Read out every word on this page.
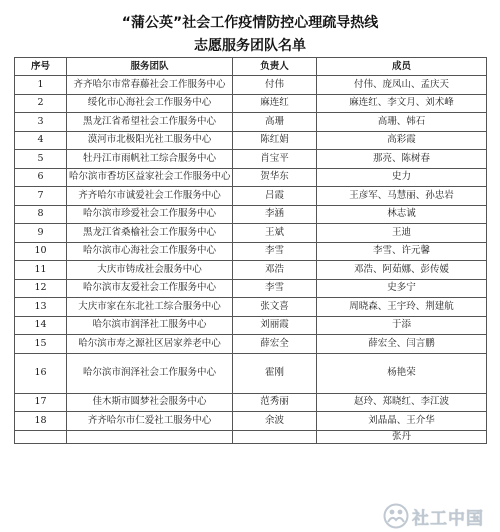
“蒲公英”社会工作疫情防控心理疏导热线
志愿服务团队名单
序号	服务团队	负责人	成员
1	齐齐哈尔市常春藤社会工作服务中心	付伟	付伟、庞凤山、孟庆天
2	绥化市心海社会工作服务中心	麻连红	麻连红、李文月、刘术峰
3	黑龙江省希望社会工作服务中心	高珊	高珊、韩石
4	漠河市北极阳光社工服务中心	陈红娟	高彩霞
5	牡丹江市雨帆社工综合服务中心	肖宝平	那亮、陈树春
6	哈尔滨市香坊区益家社会工作服务中心	贺华东	史力
7	齐齐哈尔市诚爱社会工作服务中心	吕霞	王彦军、马慧丽、孙忠岩
8	哈尔滨市珍爱社会工作服务中心	李涵	林志诚
9	黑龙江省桑榆社会工作服务中心	王斌	王迪
10	哈尔滨市心海社会工作服务中心	李雪	李雪、许元馨
11	大庆市铸成社会服务中心	邓浩	邓浩、阿茹娜、彭传媛
12	哈尔滨市友爱社会工作服务中心	李雪	史多宁
13	大庆市家在东北社工综合服务中心	张文喜	周晓森、王宇玲、荆建航
14	哈尔滨市润泽社工服务中心	刘丽霞	于添
15	哈尔滨市寿之源社区居家养老中心	薛宏全	薛宏全、闫言鹏
16	哈尔滨市润泽社会工作服务中心	霍刚	杨艳荣
17	佳木斯市圆梦社会服务中心	范秀丽	赵玲、郑晓红、李江波
18	齐齐哈尔市仁爱社工服务中心	余波	刘晶晶、王介华
			张丹
社工中国
